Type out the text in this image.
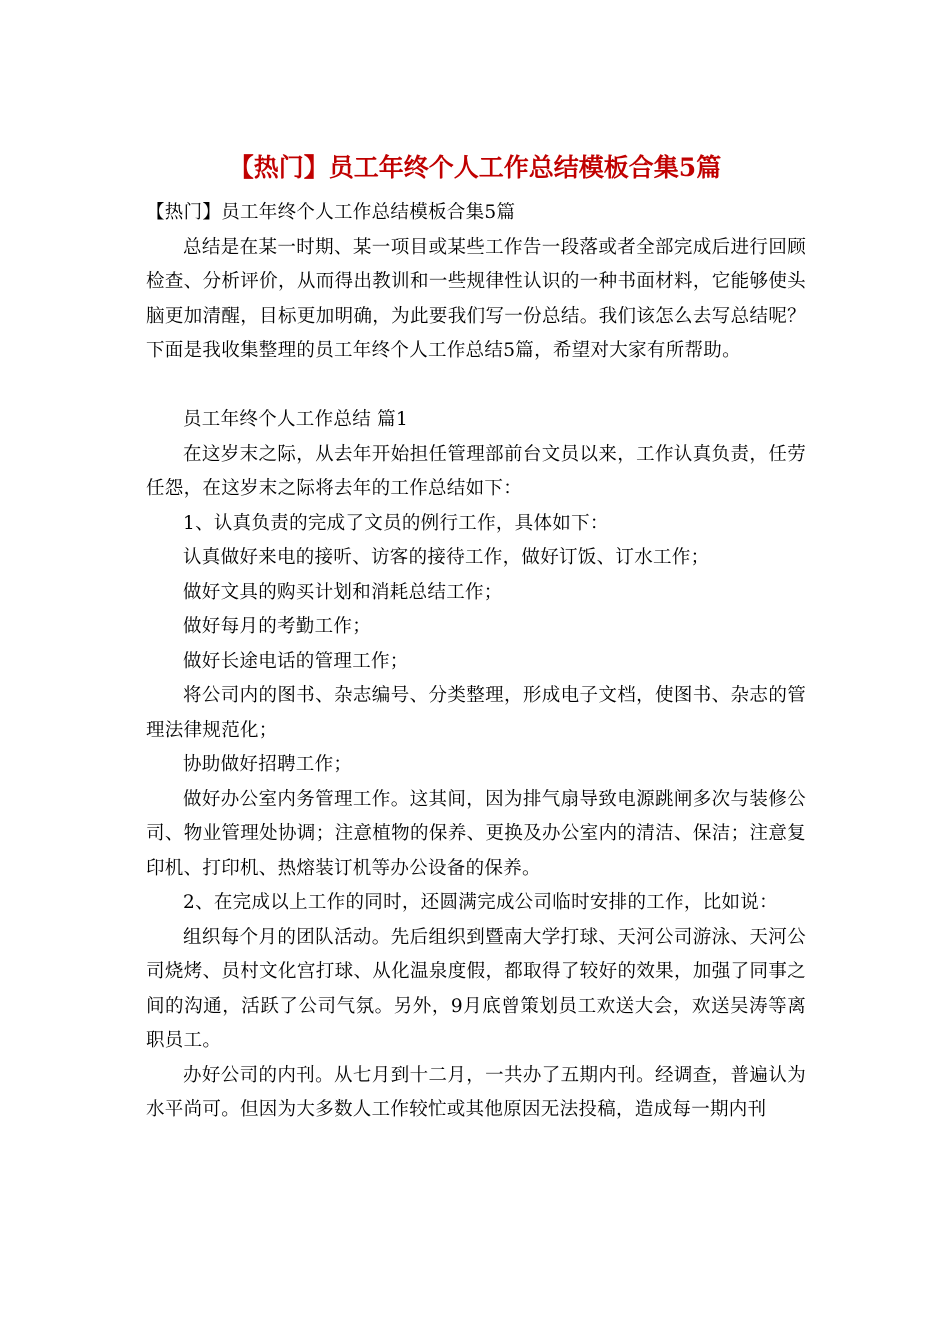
【热门】员工年终个人工作总结模板合集5篇

【热门】员工年终个人工作总结模板合集5篇

总结是在某一时期、某一项目或某些工作告一段落或者全部完成后进行回顾检查、分析评价，从而得出教训和一些规律性认识的一种书面材料，它能够使头脑更加清醒，目标更加明确，为此要我们写一份总结。我们该怎么去写总结呢？下面是我收集整理的员工年终个人工作总结5篇，希望对大家有所帮助。

员工年终个人工作总结 篇1

在这岁末之际，从去年开始担任管理部前台文员以来，工作认真负责，任劳任怨，在这岁末之际将去年的工作总结如下：

1、认真负责的完成了文员的例行工作，具体如下：

认真做好来电的接听、访客的接待工作，做好订饭、订水工作；

做好文具的购买计划和消耗总结工作；

做好每月的考勤工作；

做好长途电话的管理工作；

将公司内的图书、杂志编号、分类整理，形成电子文档，使图书、杂志的管理法律规范化；

协助做好招聘工作；

做好办公室内务管理工作。这其间，因为排气扇导致电源跳闸多次与装修公司、物业管理处协调；注意植物的保养、更换及办公室内的清洁、保洁；注意复印机、打印机、热熔装订机等办公设备的保养。

2、在完成以上工作的同时，还圆满完成公司临时安排的工作，比如说：

组织每个月的团队活动。先后组织到暨南大学打球、天河公司游泳、天河公司烧烤、员村文化宫打球、从化温泉度假，都取得了较好的效果，加强了同事之间的沟通，活跃了公司气氛。另外，9月底曾策划员工欢送大会，欢送吴涛等离职员工。

办好公司的内刊。从七月到十二月，一共办了五期内刊。经调查，普遍认为水平尚可。但因为大多数人工作较忙或其他原因无法投稿，造成每一期内刊
